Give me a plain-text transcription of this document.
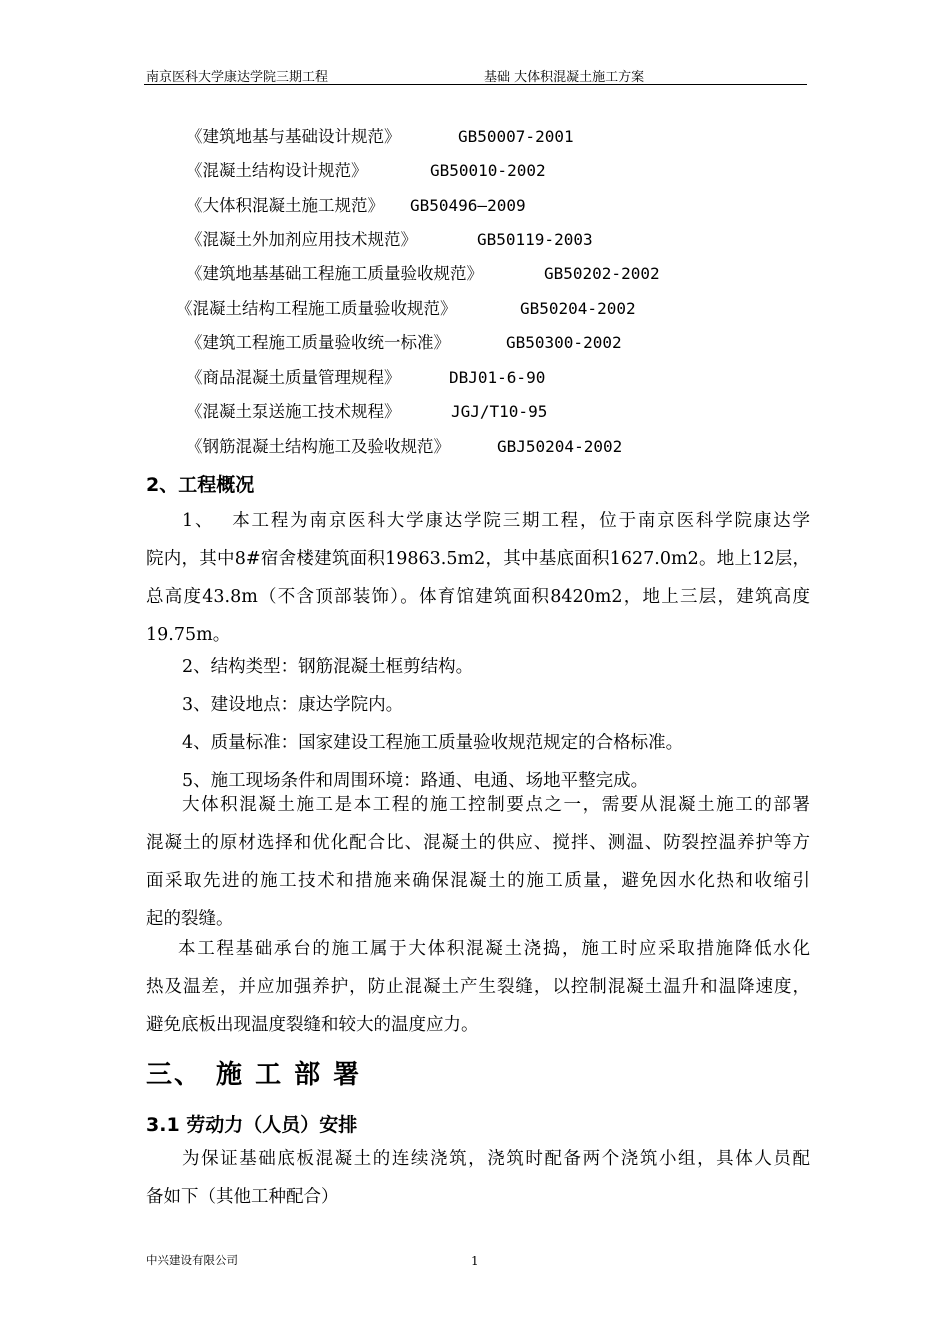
南京医科大学康达学院三期工程	基础 大体积混凝土施工方案
《建筑地基与基础设计规范》	GB50007-2001
《混凝土结构设计规范》	GB50010-2002
《大体积混凝土施工规范》 GB50496—2009
《混凝土外加剂应用技术规范》	GB50119-2003
《建筑地基基础工程施工质量验收规范》	GB50202-2002
《混凝土结构工程施工质量验收规范》	GB50204-2002
《建筑工程施工质量验收统一标准》	GB50300-2002
《商品混凝土质量管理规程》	DBJ01-6-90
《混凝土泵送施工技术规程》	JGJ/T10-95
《钢筋混凝土结构施工及验收规范》	GBJ50204-2002
2、工程概况
1、　 本工程为南京医科大学康达学院三期工程，位于南京医科学院康达学
院内，其中8#宿舍楼建筑面积19863.5m2，其中基底面积1627.0m2。地上12层，
总高度43.8m（不含顶部装饰）。体育馆建筑面积8420m2，地上三层，建筑高度
19.75m。
2、结构类型：钢筋混凝土框剪结构。
3、建设地点：康达学院内。
4、质量标准：国家建设工程施工质量验收规范规定的合格标准。
5、施工现场条件和周围环境：路通、电通、场地平整完成。
大体积混凝土施工是本工程的施工控制要点之一，需要从混凝土施工的部署
混凝土的原材选择和优化配合比、混凝土的供应、搅拌、测温、防裂控温养护等方
面采取先进的施工技术和措施来确保混凝土的施工质量，避免因水化热和收缩引
起的裂缝。
本工程基础承台的施工属于大体积混凝土浇捣，施工时应采取措施降低水化
热及温差，并应加强养护，防止混凝土产生裂缝，以控制混凝土温升和温降速度，
避免底板出现温度裂缝和较大的温度应力。
三、 施 工 部 署
3.1 劳动力（人员）安排
为保证基础底板混凝土的连续浇筑，浇筑时配备两个浇筑小组，具体人员配
备如下（其他工种配合）
中兴建设有限公司	1
